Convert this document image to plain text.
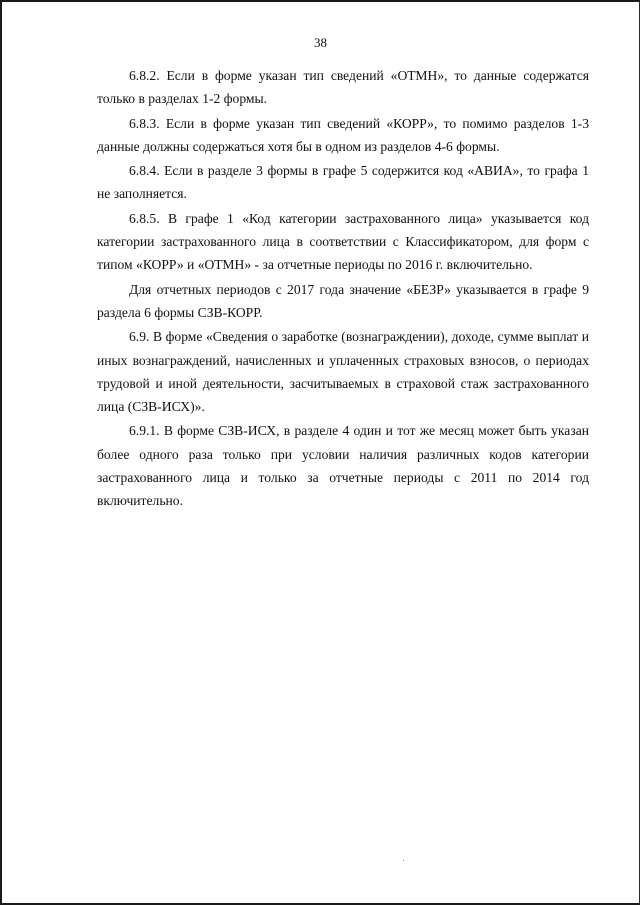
38

6.8.2. Если в форме указан тип сведений «ОТМН», то данные содержатся только в разделах 1-2 формы.

6.8.3. Если в форме указан тип сведений «КОРР», то помимо разделов 1-3 данные должны содержаться хотя бы в одном из разделов 4-6 формы.

6.8.4. Если в разделе 3 формы в графе 5 содержится код «АВИА», то графа 1 не заполняется.

6.8.5. В графе 1 «Код категории застрахованного лица» указывается код категории застрахованного лица в соответствии с Классификатором, для форм с типом «КОРР» и «ОТМН» - за отчетные периоды по 2016 г. включительно.

Для отчетных периодов с 2017 года значение «БЕЗР» указывается в графе 9 раздела 6 формы СЗВ-КОРР.

6.9. В форме «Сведения о заработке (вознаграждении), доходе, сумме выплат и иных вознаграждений, начисленных и уплаченных страховых взносов, о периодах трудовой и иной деятельности, засчитываемых в страховой стаж застрахованного лица (СЗВ-ИСХ)».

6.9.1. В форме СЗВ-ИСХ, в разделе 4 один и тот же месяц может быть указан более одного раза только при условии наличия различных кодов категории застрахованного лица и только за отчетные периоды с 2011 по 2014 год включительно.
